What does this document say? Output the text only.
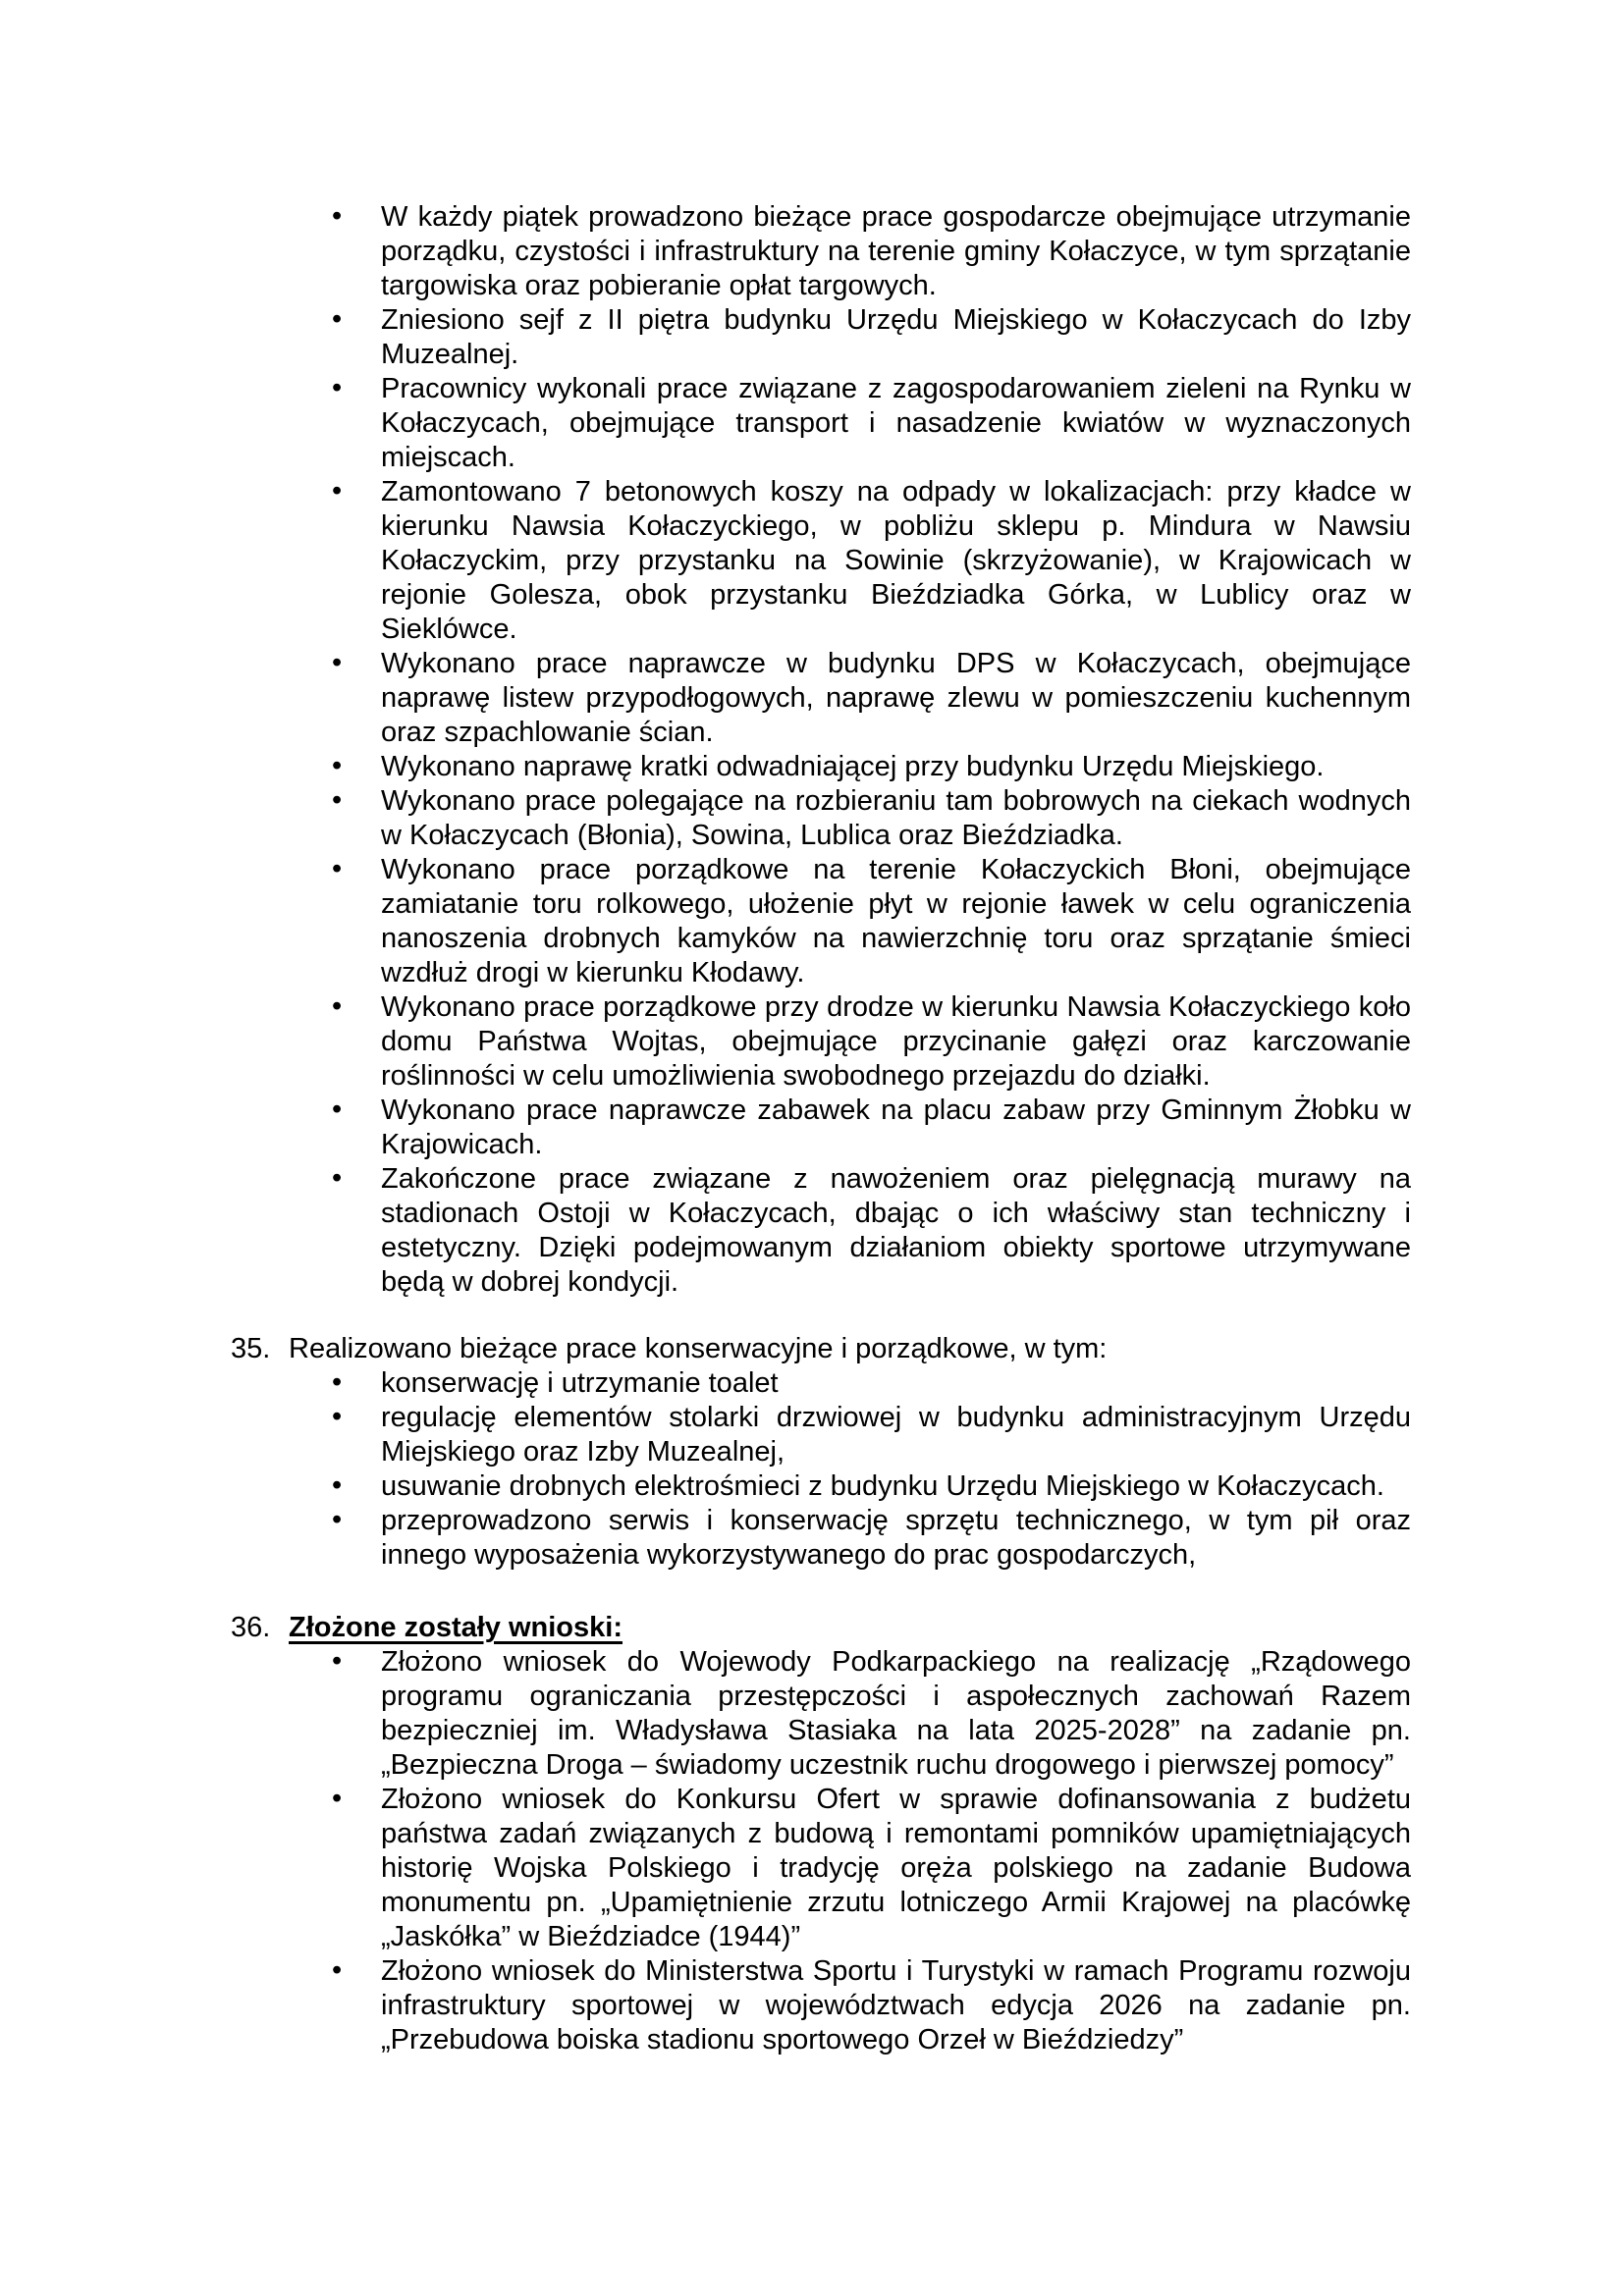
• W każdy piątek prowadzono bieżące prace gospodarcze obejmujące utrzymanie porządku, czystości i infrastruktury na terenie gminy Kołaczyce, w tym sprzątanie targowiska oraz pobieranie opłat targowych.
• Zniesiono sejf z II piętra budynku Urzędu Miejskiego w Kołaczycach do Izby Muzealnej.
• Pracownicy wykonali prace związane z zagospodarowaniem zieleni na Rynku w Kołaczycach, obejmujące transport i nasadzenie kwiatów w wyznaczonych miejscach.
• Zamontowano 7 betonowych koszy na odpady w lokalizacjach: przy kładce w kierunku Nawsia Kołaczyckiego, w pobliżu sklepu p. Mindura w Nawsiu Kołaczyckim, przy przystanku na Sowinie (skrzyżowanie), w Krajowicach w rejonie Golesza, obok przystanku Bieździadka Górka, w Lublicy oraz w Sieklówce.
• Wykonano prace naprawcze w budynku DPS w Kołaczycach, obejmujące naprawę listew przypodłogowych, naprawę zlewu w pomieszczeniu kuchennym oraz szpachlowanie ścian.
• Wykonano naprawę kratki odwadniającej przy budynku Urzędu Miejskiego.
• Wykonano prace polegające na rozbieraniu tam bobrowych na ciekach wodnych w Kołaczycach (Błonia), Sowina, Lublica oraz Bieździadka.
• Wykonano prace porządkowe na terenie Kołaczyckich Błoni, obejmujące zamiatanie toru rolkowego, ułożenie płyt w rejonie ławek w celu ograniczenia nanoszenia drobnych kamyków na nawierzchnię toru oraz sprzątanie śmieci wzdłuż drogi w kierunku Kłodawy.
• Wykonano prace porządkowe przy drodze w kierunku Nawsia Kołaczyckiego koło domu Państwa Wojtas, obejmujące przycinanie gałęzi oraz karczowanie roślinności w celu umożliwienia swobodnego przejazdu do działki.
• Wykonano prace naprawcze zabawek na placu zabaw przy Gminnym Żłobku w Krajowicach.
• Zakończone prace związane z nawożeniem oraz pielęgnacją murawy na stadionach Ostoji w Kołaczycach, dbając o ich właściwy stan techniczny i estetyczny. Dzięki podejmowanym działaniom obiekty sportowe utrzymywane będą w dobrej kondycji.
35. Realizowano bieżące prace konserwacyjne i porządkowe, w tym:
• konserwację i utrzymanie toalet
• regulację elementów stolarki drzwiowej w budynku administracyjnym Urzędu Miejskiego oraz Izby Muzealnej,
• usuwanie drobnych elektrośmieci z budynku Urzędu Miejskiego w Kołaczycach.
• przeprowadzono serwis i konserwację sprzętu technicznego, w tym pił oraz innego wyposażenia wykorzystywanego do prac gospodarczych,
36. Złożone zostały wnioski:
• Złożono wniosek do Wojewody Podkarpackiego na realizację „Rządowego programu ograniczania przestępczości i aspołecznych zachowań Razem bezpieczniej im. Władysława Stasiaka na lata 2025-2028” na zadanie pn. „Bezpieczna Droga – świadomy uczestnik ruchu drogowego i pierwszej pomocy”
• Złożono wniosek do Konkursu Ofert w sprawie dofinansowania z budżetu państwa zadań związanych z budową i remontami pomników upamiętniających historię Wojska Polskiego i tradycję oręża polskiego na zadanie Budowa monumentu pn. „Upamiętnienie zrzutu lotniczego Armii Krajowej na placówkę „Jaskółka” w Bieździadce (1944)”
• Złożono wniosek do Ministerstwa Sportu i Turystyki w ramach Programu rozwoju infrastruktury sportowej w województwach edycja 2026 na zadanie pn. „Przebudowa boiska stadionu sportowego Orzeł w Bieździedzy”
